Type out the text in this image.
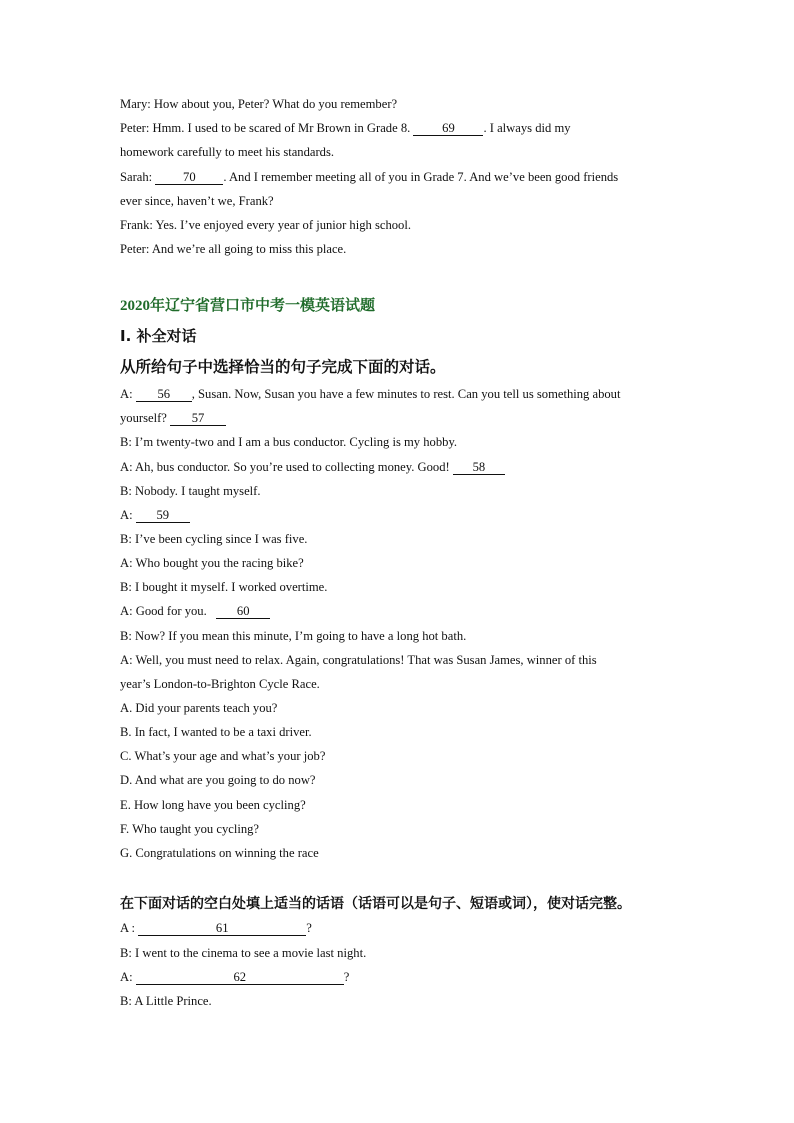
Mary: How about you, Peter? What do you remember?
Peter: Hmm. I used to be scared of Mr Brown in Grade 8.	69 . I always did my
homework carefully to meet his standards.
Sarah: 70 . And I remember meeting all of you in Grade 7. And we’ve been good friends
ever since, haven’t we, Frank?
Frank: Yes. I’ve enjoyed every year of junior high school.
Peter: And we’re all going to miss this place.
2020年辽宁省营口市中考一模英语试题
Ⅰ. 补全对话
从所给句子中选择恰当的句子完成下面的对话。
A: 56 , Susan. Now, Susan you have a few minutes to rest. Can you tell us something about
yourself? 57
B: I’m twenty-two and I am a bus conductor. Cycling is my hobby.
A: Ah, bus conductor. So you’re used to collecting money. Good! 58
B: Nobody. I taught myself.
A: 59
B: I’ve been cycling since I was five.
A: Who bought you the racing bike?
B: I bought it myself. I worked overtime.
A: Good for you. 60
B: Now? If you mean this minute, I’m going to have a long hot bath.
A: Well, you must need to relax. Again, congratulations! That was Susan James, winner of this
year’s London-to-Brighton Cycle Race.
A. Did your parents teach you?
B. In fact, I wanted to be a taxi driver.
C. What’s your age and what’s your job?
D. And what are you going to do now?
E. How long have you been cycling?
F. Who taught you cycling?
G. Congratulations on winning the race
在下面对话的空白处填上适当的话语（话语可以是句子、短语或词），使对话完整。
A :	61	?
B: I went to the cinema to see a movie last night.
A:	62	?
B: A Little Prince.
